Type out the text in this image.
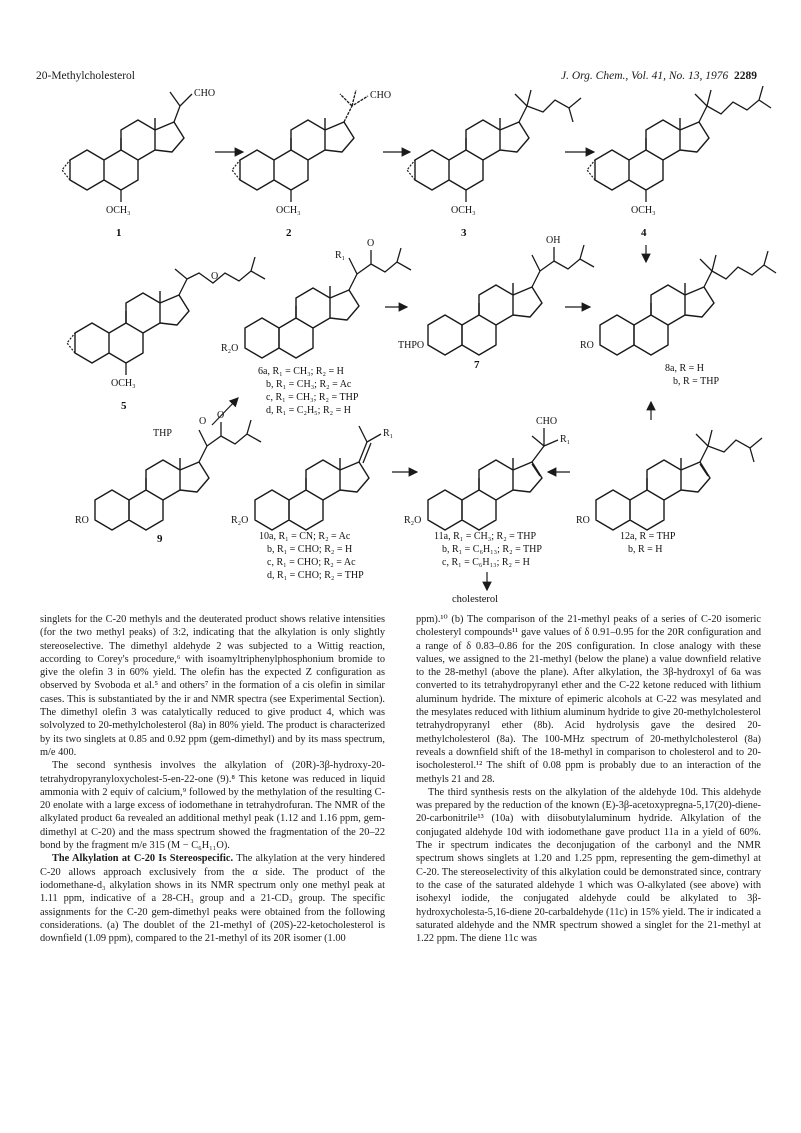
20-Methylcholesterol	J. Org. Chem., Vol. 41, No. 13, 1976 2289
CHO
OCH₃
1
CHO
OCH₃
2
OCH₃
3
OCH₃
4
O
OCH₃
5
R₁
O
R₂O
6a, R₁ = CH₃; R₂ = H
b, R₁ = CH₃; R₂ = Ac
c, R₁ = CH₃; R₂ = THP
d, R₁ = C₂H₅; R₂ = H
OH
THPO
7
RO
8a, R = H
b, R = THP
THP
O
O
RO
9
R₁
R₂O
10a, R₁ = CN; R₂ = Ac
b, R₁ = CHO; R₂ = H
c, R₁ = CHO; R₂ = Ac
d, R₁ = CHO; R₂ = THP
CHO
R₁
R₂O
11a, R₁ = CH₃; R₂ = THP
b, R₁ = C₆H₁₃; R₂ = THP
c, R₁ = C₆H₁₃; R₂ = H
cholesterol
RO
12a, R = THP
b, R = H

singlets for the C-20 methyls and the deuterated product shows relative intensities (for the two methyl peaks) of 3:2, indicating that the alkylation is only slightly stereoselective. The dimethyl aldehyde 2 was subjected to a Wittig reaction, according to Corey's procedure,⁶ with isoamyltriphenylphosphonium bromide to give the olefin 3 in 60% yield. The olefin has the expected Z configuration as observed by Svoboda et al.⁵ and others⁷ in the formation of a cis olefin in similar cases. This is substantiated by the ir and NMR spectra (see Experimental Section). The dimethyl olefin 3 was catalytically reduced to give product 4, which was solvolyzed to 20-methylcholesterol (8a) in 80% yield. The product is characterized by its two singlets at 0.85 and 0.92 ppm (gem-dimethyl) and by its mass spectrum, m/e 400.

The second synthesis involves the alkylation of (20R)-3β-hydroxy-20-tetrahydropyranyloxycholest-5-en-22-one (9).⁸ This ketone was reduced in liquid ammonia with 2 equiv of calcium,⁹ followed by the methylation of the resulting C-20 enolate with a large excess of iodomethane in tetrahydrofuran. The NMR of the alkylated product 6a revealed an additional methyl peak (1.12 and 1.16 ppm, gem-dimethyl at C-20) and the mass spectrum showed the fragmentation of the 20–22 bond by the fragment m/e 315 (M − C₆H₁₁O).

The Alkylation at C-20 Is Stereospecific. The alkylation at the very hindered C-20 allows approach exclusively from the α side. The product of the iodomethane-d₃ alkylation shows in its NMR spectrum only one methyl peak at 1.11 ppm, indicative of a 28-CH₃ group and a 21-CD₃ group. The specific assignments for the C-20 gem-dimethyl peaks were obtained from the following considerations. (a) The doublet of the 21-methyl of (20S)-22-ketocholesterol is downfield (1.09 ppm), compared to the 21-methyl of its 20R isomer (1.00

ppm).¹⁰ (b) The comparison of the 21-methyl peaks of a series of C-20 isomeric cholesteryl compounds¹¹ gave values of δ 0.91–0.95 for the 20R configuration and a range of δ 0.83–0.86 for the 20S configuration. In close analogy with these values, we assigned to the 21-methyl (below the plane) a value downfield relative to the 28-methyl (above the plane). After alkylation, the 3β-hydroxyl of 6a was converted to its tetrahydropyranyl ether and the C-22 ketone reduced with lithium aluminum hydride. The mixture of epimeric alcohols at C-22 was mesylated and the mesylates reduced with lithium aluminum hydride to give 20-methylcholesterol tetrahydropyranyl ether (8b). Acid hydrolysis gave the desired 20-methylcholesterol (8a). The 100-MHz spectrum of 20-methylcholesterol (8a) reveals a downfield shift of the 18-methyl in comparison to cholesterol and to 20-isocholesterol.¹² The shift of 0.08 ppm is probably due to an interaction of the methyls 21 and 28.

The third synthesis rests on the alkylation of the aldehyde 10d. This aldehyde was prepared by the reduction of the known (E)-3β-acetoxypregna-5,17(20)-diene-20-carbonitrile¹³ (10a) with diisobutylaluminum hydride. Alkylation of the conjugated aldehyde 10d with iodomethane gave product 11a in a yield of 60%. The ir spectrum indicates the deconjugation of the carbonyl and the NMR spectrum shows singlets at 1.20 and 1.25 ppm, representing the gem-dimethyl at C-20. The stereoselectivity of this alkylation could be demonstrated since, contrary to the case of the saturated aldehyde 1 which was O-alkylated (see above) with isohexyl iodide, the conjugated aldehyde could be alkylated to 3β-hydroxycholesta-5,16-diene 20-carbaldehyde (11c) in 15% yield. The ir indicated a saturated aldehyde and the NMR spectrum showed a singlet for the 21-methyl at 1.22 ppm. The diene 11c was
